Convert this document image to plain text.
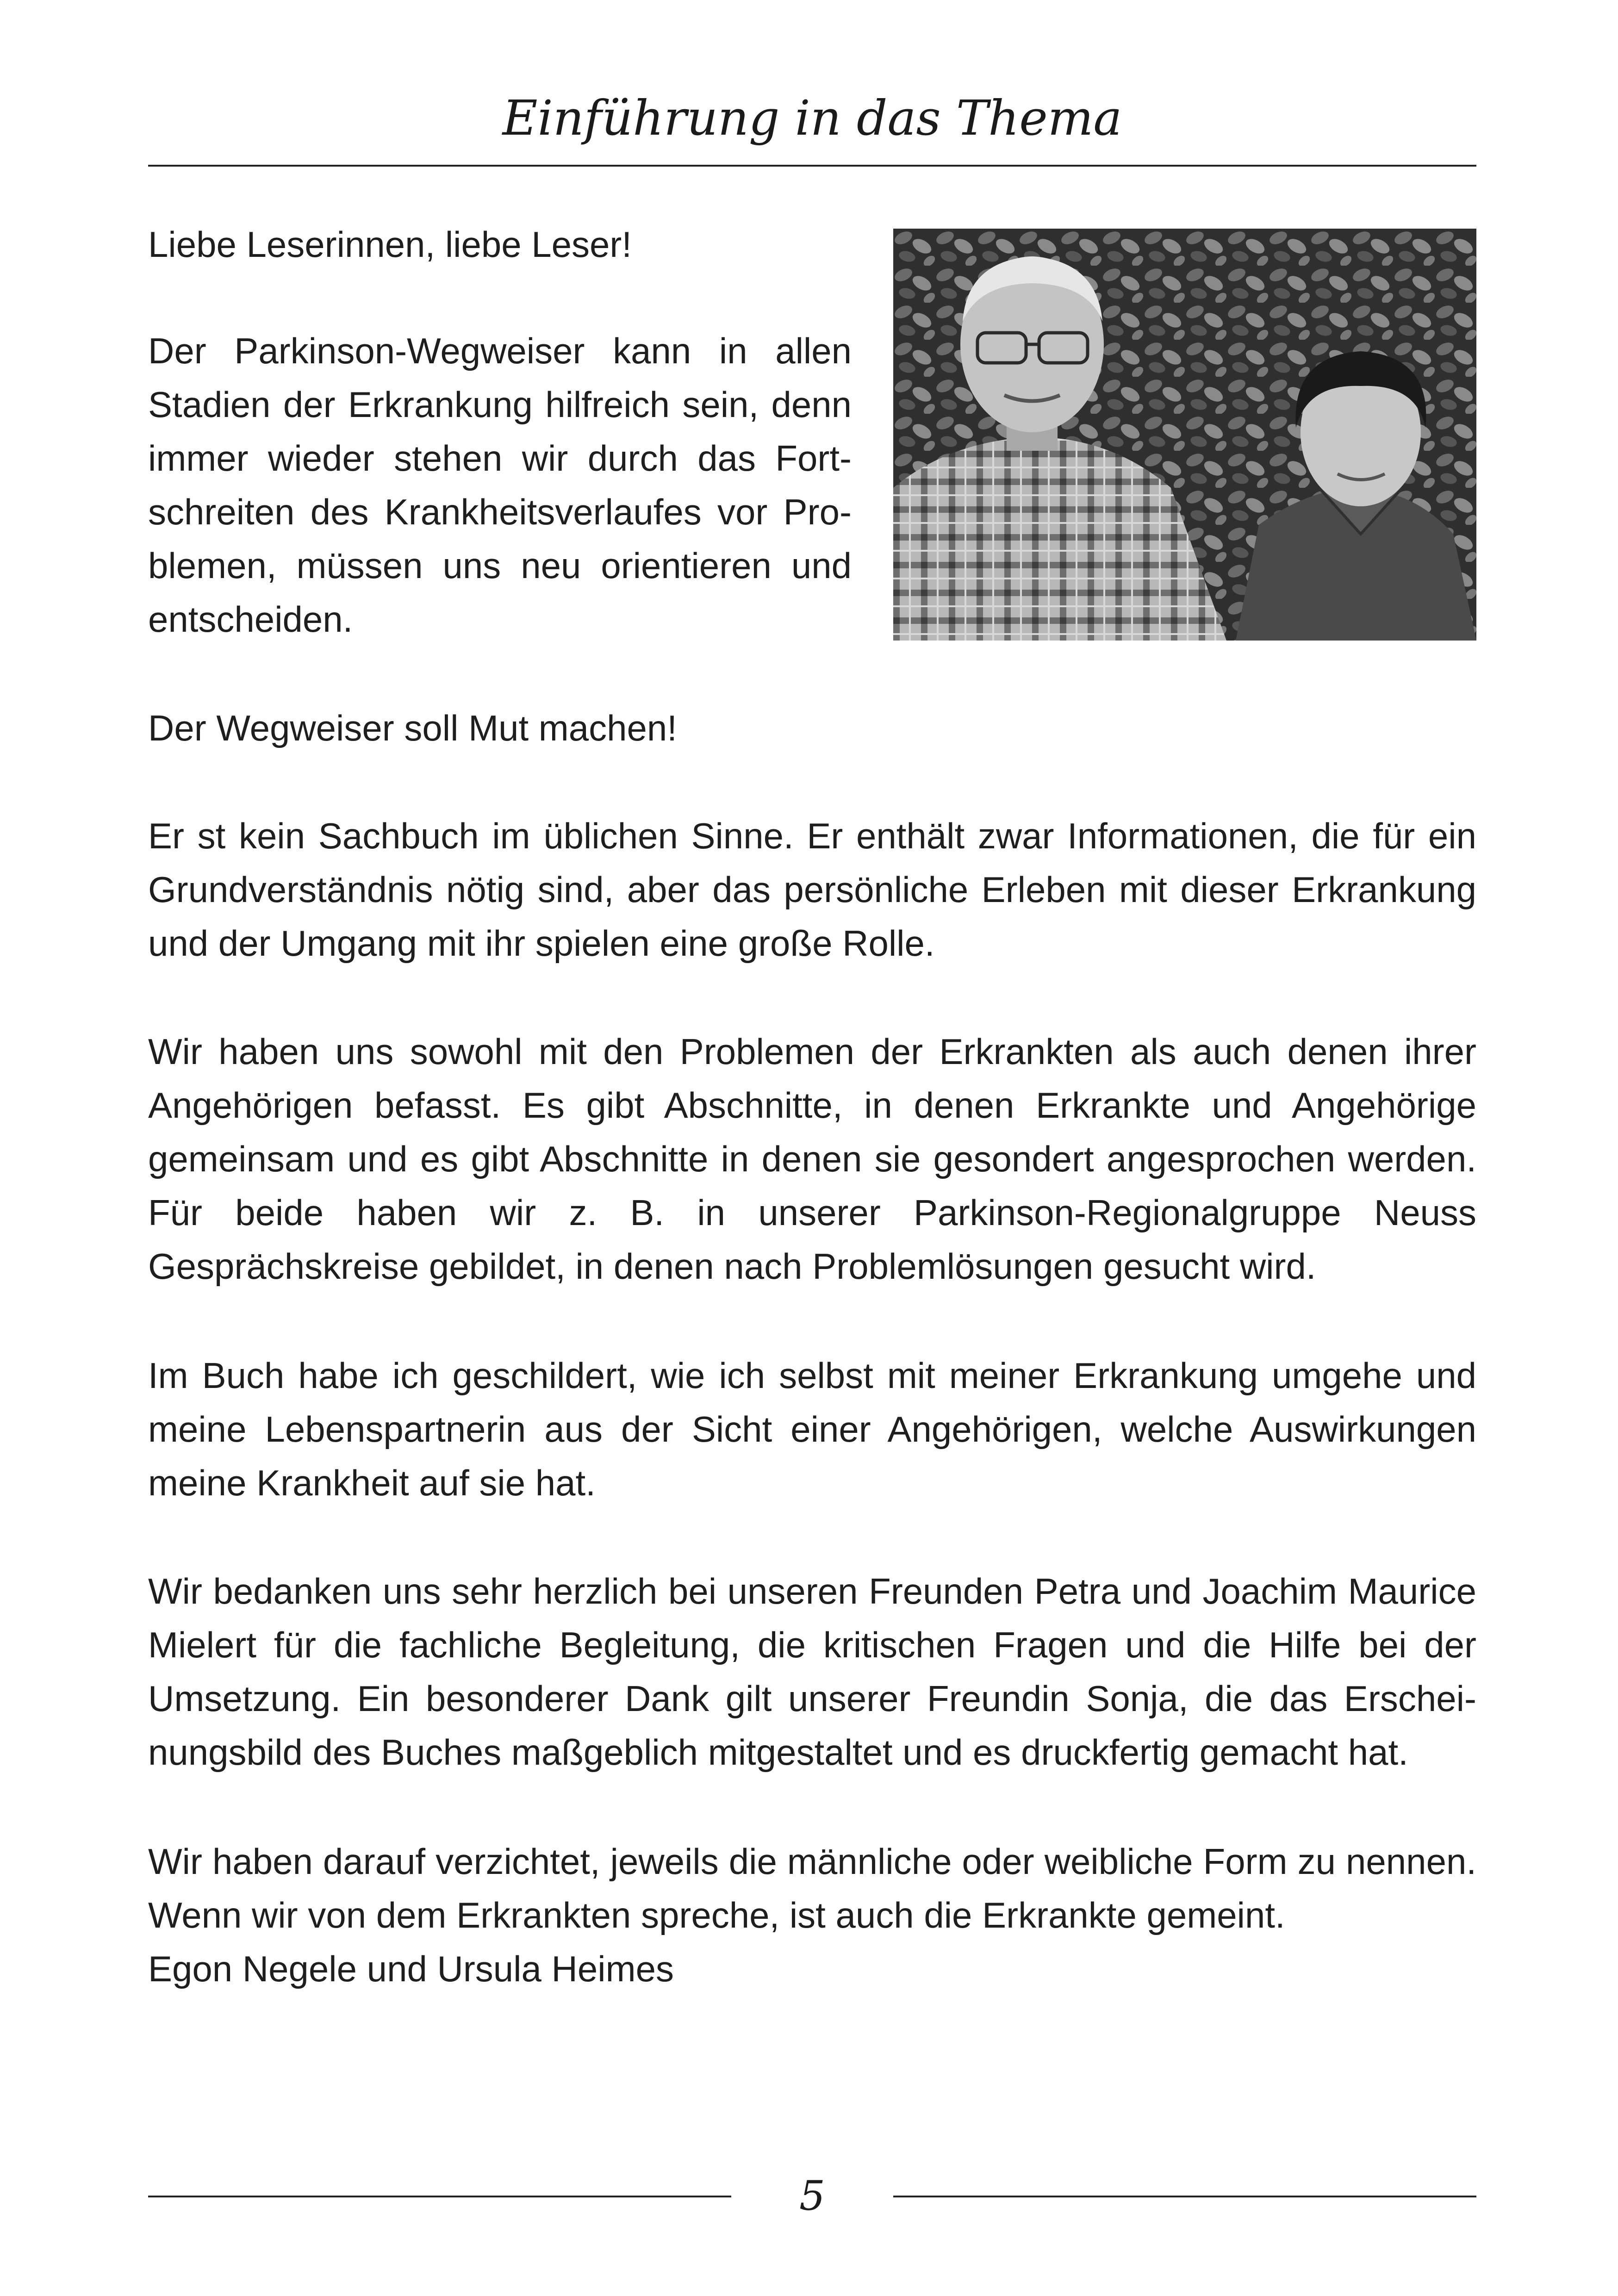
Einführung in das Thema

Liebe Leserinnen, liebe Leser!

Der Parkinson-Wegweiser kann in allen Stadien der Erkrankung hilfreich sein, denn immer wieder stehen wir durch das Fortschreiten des Krankheitsverlaufes vor Problemen, müssen uns neu orientieren und entscheiden.

Der Wegweiser soll Mut machen!

Er st kein Sachbuch im üblichen Sinne. Er enthält zwar Informationen, die für ein Grundverständnis nötig sind, aber das persönliche Erleben mit dieser Erkrankung und der Umgang mit ihr spielen eine große Rolle.

Wir haben uns sowohl mit den Problemen der Erkrankten als auch denen ihrer Angehörigen befasst. Es gibt Abschnitte, in denen Erkrankte und Angehörige gemeinsam und es gibt Abschnitte in denen sie gesondert angesprochen werden. Für beide haben wir z. B. in unserer Parkinson-Regionalgruppe Neuss Gesprächskreise gebildet, in denen nach Problemlösungen gesucht wird.

Im Buch habe ich geschildert, wie ich selbst mit meiner Erkrankung umgehe und meine Lebenspartnerin aus der Sicht einer Angehörigen, welche Auswirkungen meine Krankheit auf sie hat.

Wir bedanken uns sehr herzlich bei unseren Freunden Petra und Joachim Maurice Mielert für die fachliche Begleitung, die kritischen Fragen und die Hilfe bei der Umsetzung. Ein besonderer Dank gilt unserer Freundin Sonja, die das Erscheinungsbild des Buches maßgeblich mitgestaltet und es druckfertig gemacht hat.

Wir haben darauf verzichtet, jeweils die männliche oder weibliche Form zu nennen. Wenn wir von dem Erkrankten spreche, ist auch die Erkrankte gemeint.

Egon Negele und Ursula Heimes

5
